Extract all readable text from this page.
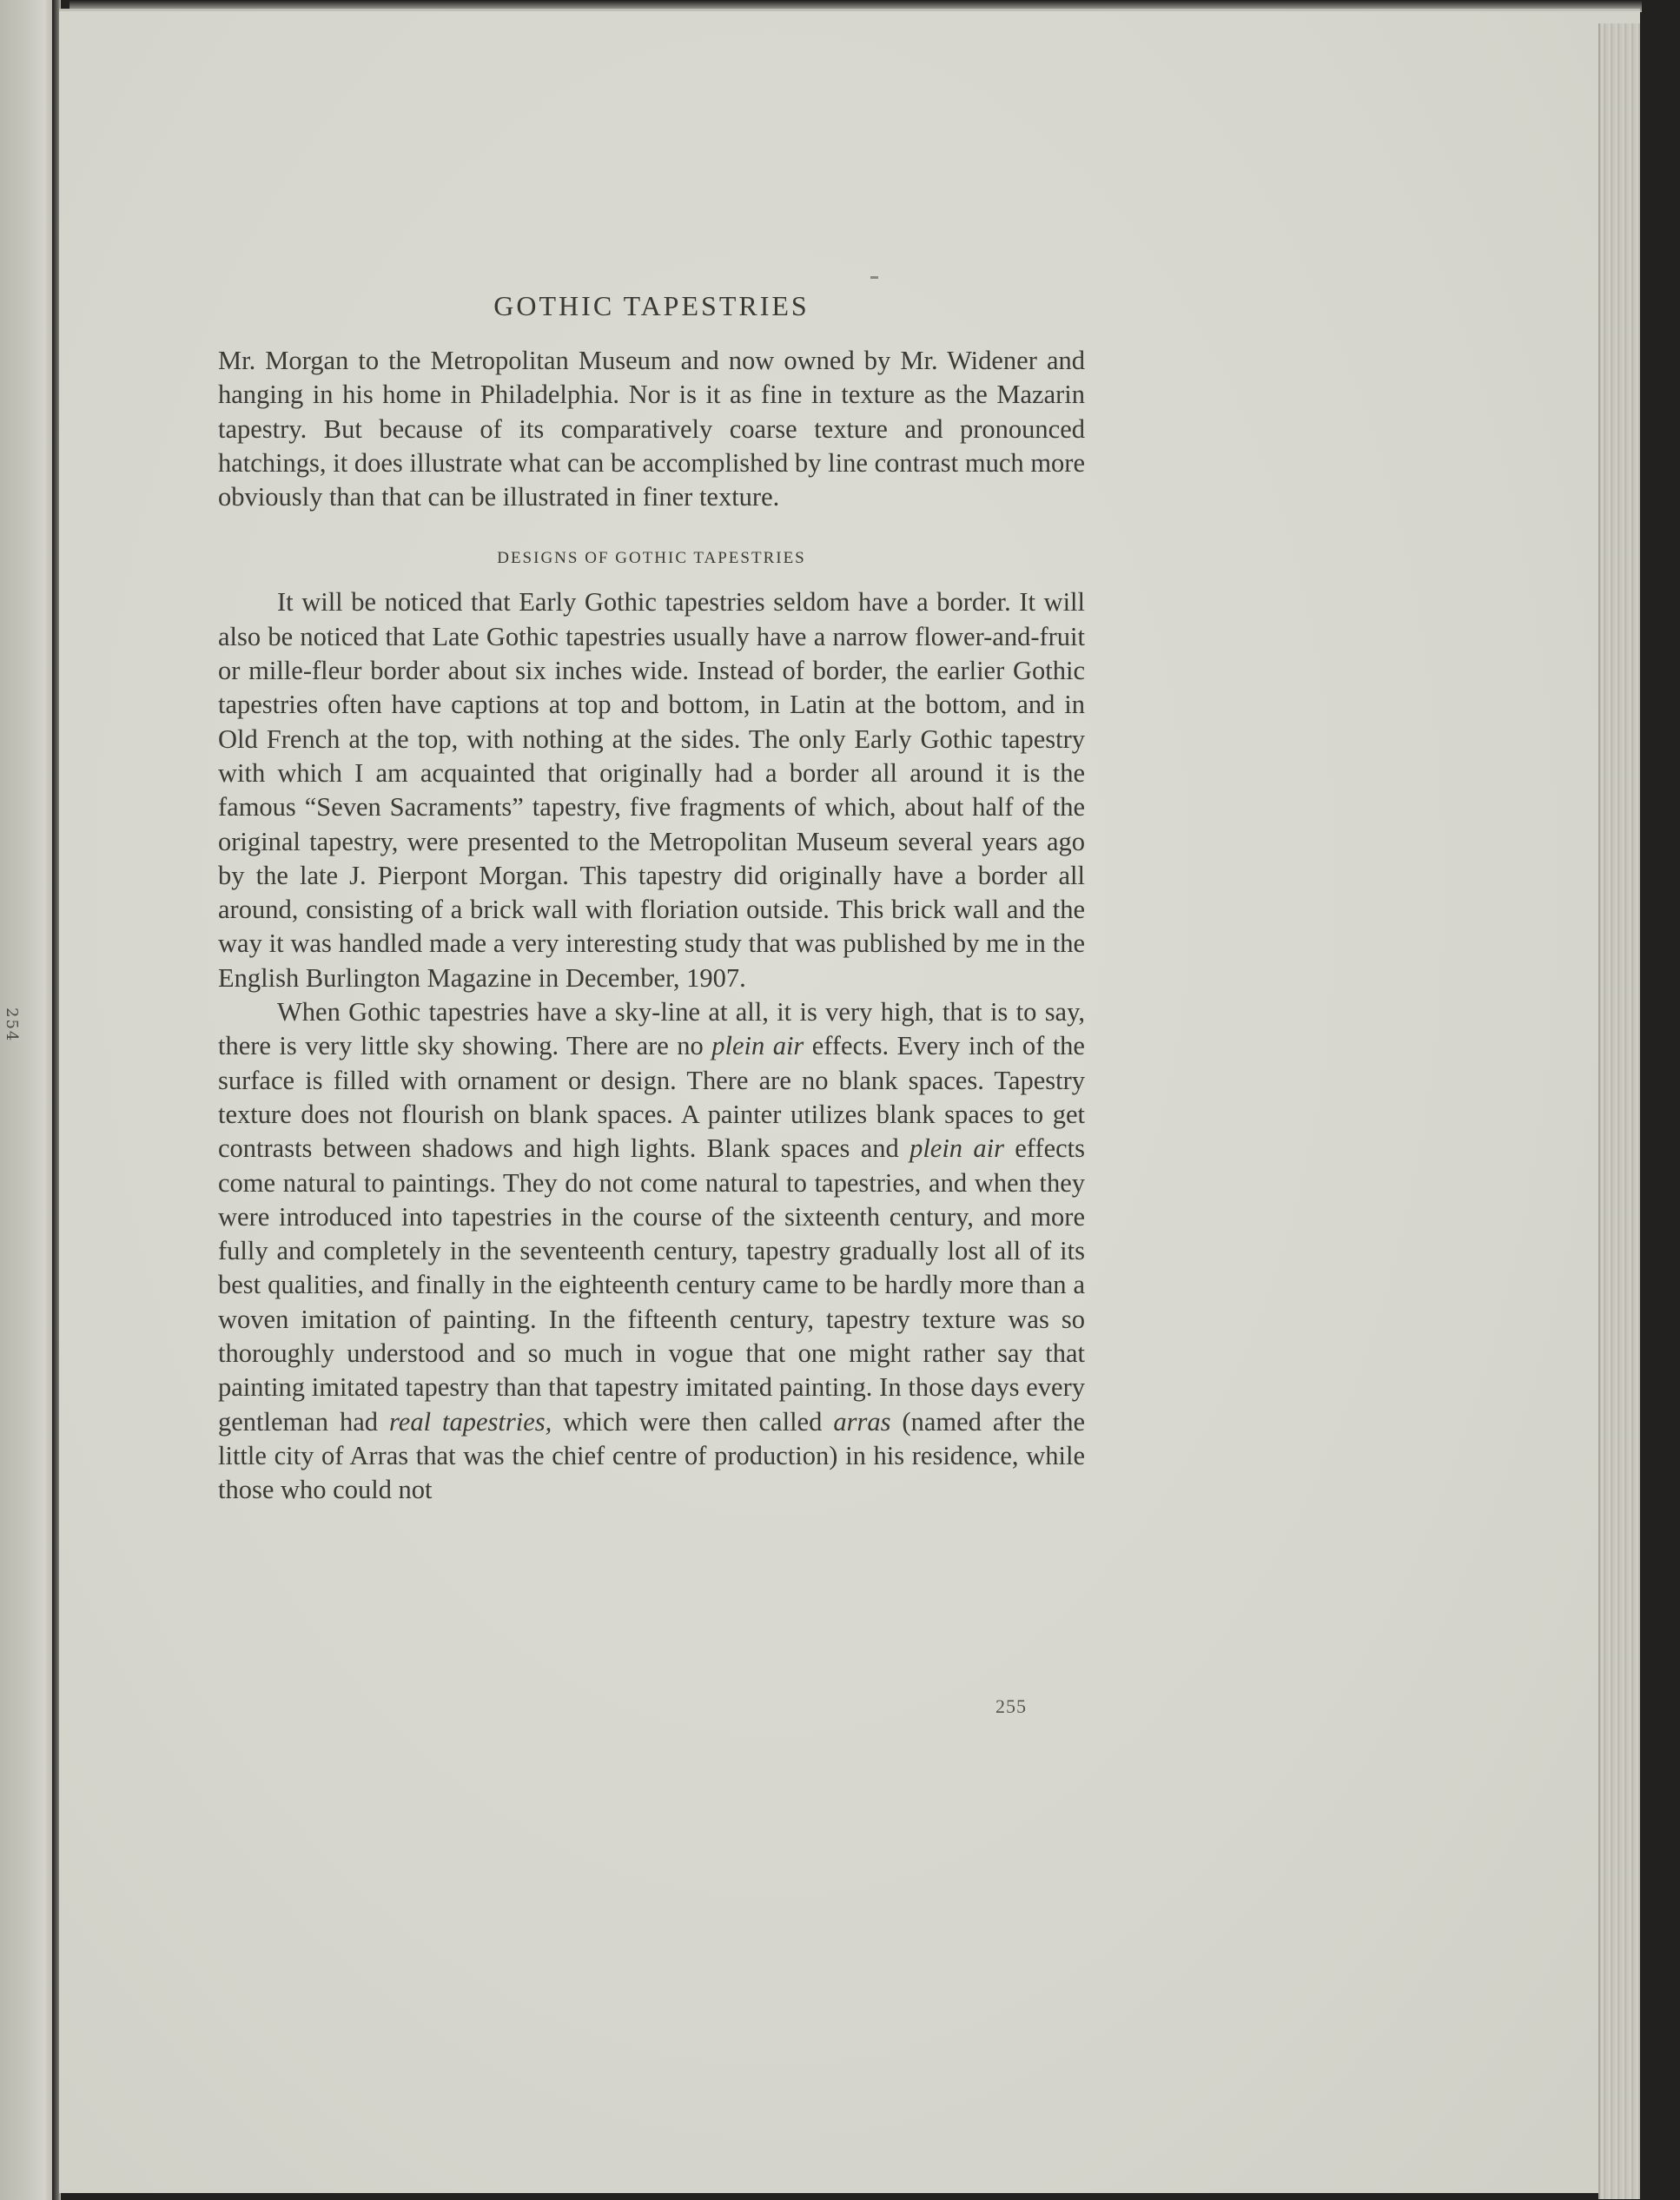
254
GOTHIC TAPESTRIES

Mr. Morgan to the Metropolitan Museum and now owned by Mr. Widener and hanging in his home in Philadelphia. Nor is it as fine in texture as the Mazarin tapestry. But because of its comparatively coarse texture and pronounced hatchings, it does illustrate what can be accomplished by line contrast much more obviously than that can be illustrated in finer texture.

DESIGNS OF GOTHIC TAPESTRIES

It will be noticed that Early Gothic tapestries seldom have a border. It will also be noticed that Late Gothic tapestries usually have a narrow flower-and-fruit or mille-fleur border about six inches wide. Instead of border, the earlier Gothic tapestries often have captions at top and bottom, in Latin at the bottom, and in Old French at the top, with nothing at the sides. The only Early Gothic tapestry with which I am acquainted that originally had a border all around it is the famous “Seven Sacraments” tapestry, five fragments of which, about half of the original tapestry, were presented to the Metropolitan Museum several years ago by the late J. Pierpont Morgan. This tapestry did originally have a border all around, consisting of a brick wall with floriation outside. This brick wall and the way it was handled made a very interesting study that was published by me in the English Burlington Magazine in December, 1907.

When Gothic tapestries have a sky-line at all, it is very high, that is to say, there is very little sky showing. There are no plein air effects. Every inch of the surface is filled with ornament or design. There are no blank spaces. Tapestry texture does not flourish on blank spaces. A painter utilizes blank spaces to get contrasts between shadows and high lights. Blank spaces and plein air effects come natural to paintings. They do not come natural to tapestries, and when they were introduced into tapestries in the course of the sixteenth century, and more fully and completely in the seventeenth century, tapestry gradually lost all of its best qualities, and finally in the eighteenth century came to be hardly more than a woven imitation of painting. In the fifteenth century, tapestry texture was so thoroughly understood and so much in vogue that one might rather say that painting imitated tapestry than that tapestry imitated painting. In those days every gentleman had real tapestries, which were then called arras (named after the little city of Arras that was the chief centre of production) in his residence, while those who could not

255
